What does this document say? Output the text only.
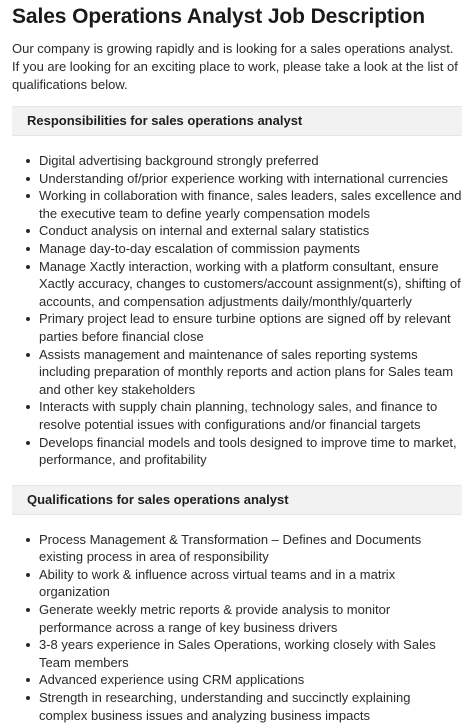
Sales Operations Analyst Job Description

Our company is growing rapidly and is looking for a sales operations analyst. If you are looking for an exciting place to work, please take a look at the list of qualifications below.

Responsibilities for sales operations analyst
Digital advertising background strongly preferred
Understanding of/prior experience working with international currencies
Working in collaboration with finance, sales leaders, sales excellence and the executive team to define yearly compensation models
Conduct analysis on internal and external salary statistics
Manage day-to-day escalation of commission payments
Manage Xactly interaction, working with a platform consultant, ensure Xactly accuracy, changes to customers/account assignment(s), shifting of accounts, and compensation adjustments daily/monthly/quarterly
Primary project lead to ensure turbine options are signed off by relevant parties before financial close
Assists management and maintenance of sales reporting systems including preparation of monthly reports and action plans for Sales team and other key stakeholders
Interacts with supply chain planning, technology sales, and finance to resolve potential issues with configurations and/or financial targets
Develops financial models and tools designed to improve time to market, performance, and profitability
Qualifications for sales operations analyst
Process Management & Transformation – Defines and Documents existing process in area of responsibility
Ability to work & influence across virtual teams and in a matrix organization
Generate weekly metric reports & provide analysis to monitor performance across a range of key business drivers
3-8 years experience in Sales Operations, working closely with Sales Team members
Advanced experience using CRM applications
Strength in researching, understanding and succinctly explaining complex business issues and analyzing business impacts
